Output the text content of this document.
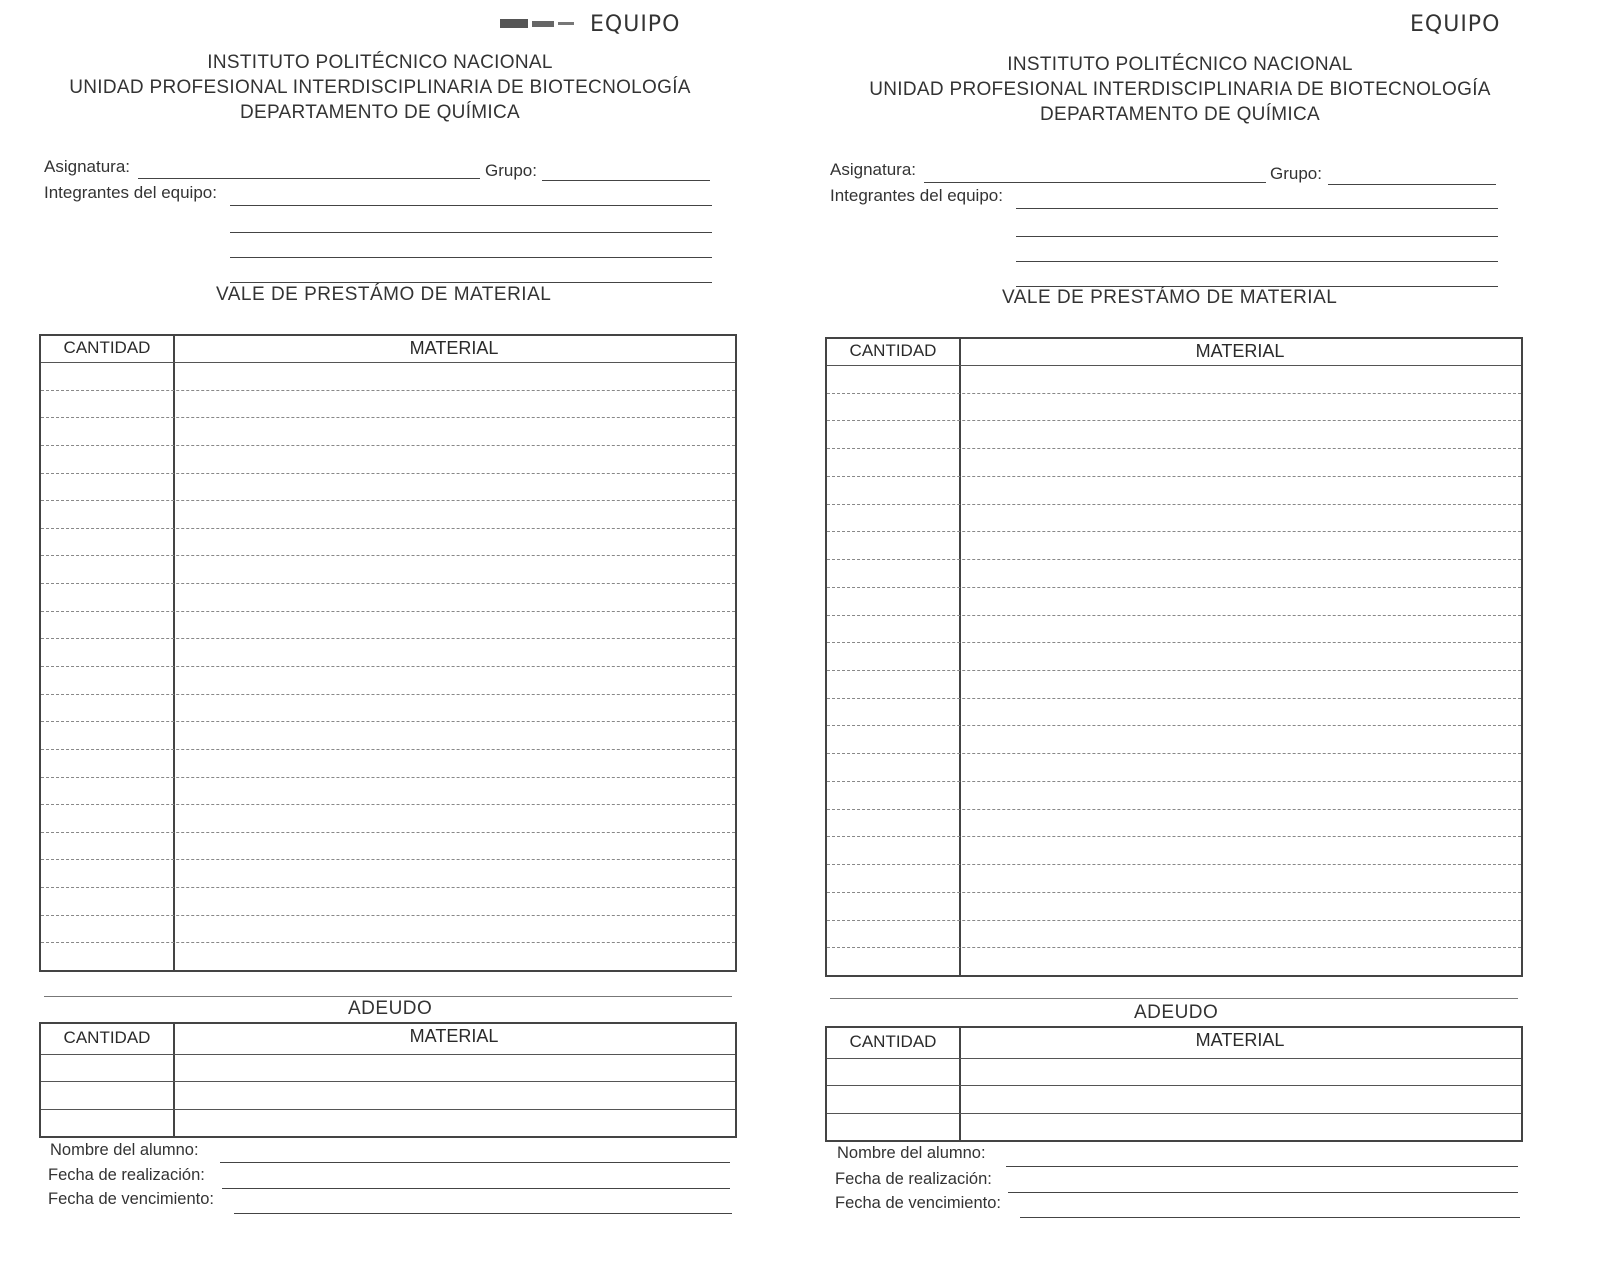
EQUIPO
INSTITUTO POLITÉCNICO NACIONAL
UNIDAD PROFESIONAL INTERDISCIPLINARIA DE BIOTECNOLOGÍA
DEPARTAMENTO DE QUÍMICA
Asignatura:	Grupo:
Integrantes del equipo:
VALE DE PRESTÁMO DE MATERIAL
CANTIDAD	MATERIAL
ADEUDO
CANTIDAD	MATERIAL
Nombre del alumno:
Fecha de realización:
Fecha de vencimiento:
EQUIPO
INSTITUTO POLITÉCNICO NACIONAL
UNIDAD PROFESIONAL INTERDISCIPLINARIA DE BIOTECNOLOGÍA
DEPARTAMENTO DE QUÍMICA
Asignatura:	Grupo:
Integrantes del equipo:
VALE DE PRESTÁMO DE MATERIAL
CANTIDAD	MATERIAL
ADEUDO
CANTIDAD	MATERIAL
Nombre del alumno:
Fecha de realización:
Fecha de vencimiento:
